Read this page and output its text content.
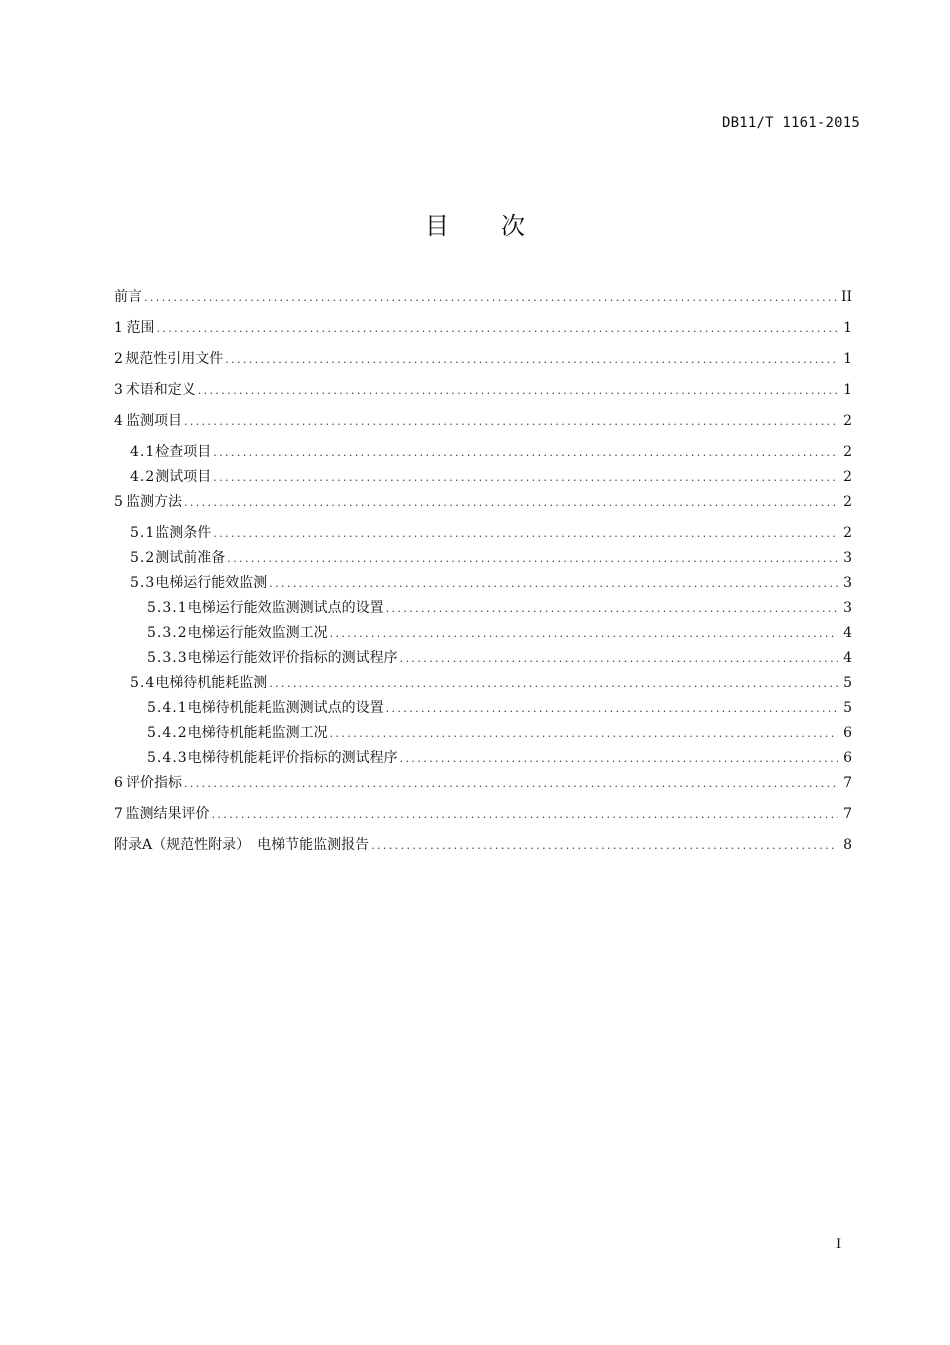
DB11/T 1161-2015
目 次
前言 .....	II
1 范围 .....	1
2 规范性引用文件 .....	1
3 术语和定义 .....	1
4 监测项目 .....	2
4.1 检查项目 .....	2
4.2 测试项目 .....	2
5 监测方法 .....	2
5.1 监测条件 .....	2
5.2 测试前准备 .....	3
5.3 电梯运行能效监测 .....	3
5.3.1 电梯运行能效监测测试点的设置 .....	3
5.3.2 电梯运行能效监测工况 .....	4
5.3.3 电梯运行能效评价指标的测试程序 .....	4
5.4 电梯待机能耗监测 .....	5
5.4.1 电梯待机能耗监测测试点的设置 .....	5
5.4.2 电梯待机能耗监测工况 .....	6
5.4.3 电梯待机能耗评价指标的测试程序 .....	6
6 评价指标 .....	7
7 监测结果评价 .....	7
附录A（规范性附录）　电梯节能监测报告 .....	8
I
